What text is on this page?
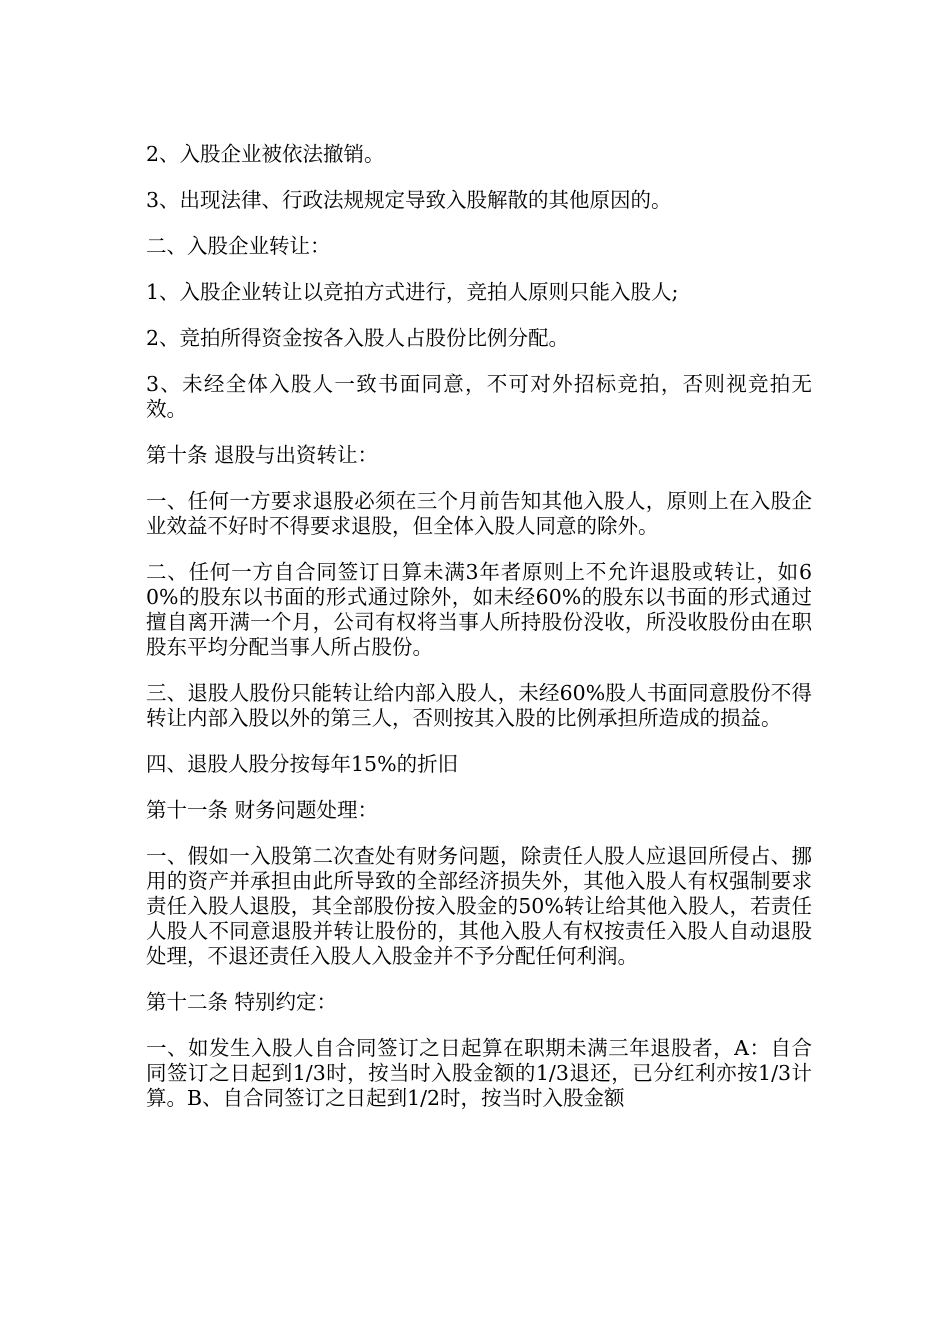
2、入股企业被依法撤销。

3、出现法律、行政法规规定导致入股解散的其他原因的。

二、入股企业转让：

1、入股企业转让以竞拍方式进行，竞拍人原则只能入股人;

2、竞拍所得资金按各入股人占股份比例分配。

3、未经全体入股人一致书面同意，不可对外招标竞拍，否则视竞拍无效。

第十条 退股与出资转让：

一、任何一方要求退股必须在三个月前告知其他入股人，原则上在入股企业效益不好时不得要求退股，但全体入股人同意的除外。

二、任何一方自合同签订日算未满3年者原则上不允许退股或转让，如60%的股东以书面的形式通过除外，如未经60%的股东以书面的形式通过擅自离开满一个月，公司有权将当事人所持股份没收，所没收股份由在职股东平均分配当事人所占股份。

三、退股人股份只能转让给内部入股人，未经60%股人书面同意股份不得转让内部入股以外的第三人，否则按其入股的比例承担所造成的损益。

四、退股人股分按每年15%的折旧

第十一条 财务问题处理：

一、假如一入股第二次查处有财务问题，除责任人股人应退回所侵占、挪用的资产并承担由此所导致的全部经济损失外，其他入股人有权强制要求责任入股人退股，其全部股份按入股金的50%转让给其他入股人，若责任人股人不同意退股并转让股份的，其他入股人有权按责任入股人自动退股处理，不退还责任入股人入股金并不予分配任何利润。

第十二条 特别约定：

一、如发生入股人自合同签订之日起算在职期未满三年退股者，A：自合同签订之日起到1/3时，按当时入股金额的1/3退还，已分红利亦按1/3计算。B、自合同签订之日起到1/2时，按当时入股金额
